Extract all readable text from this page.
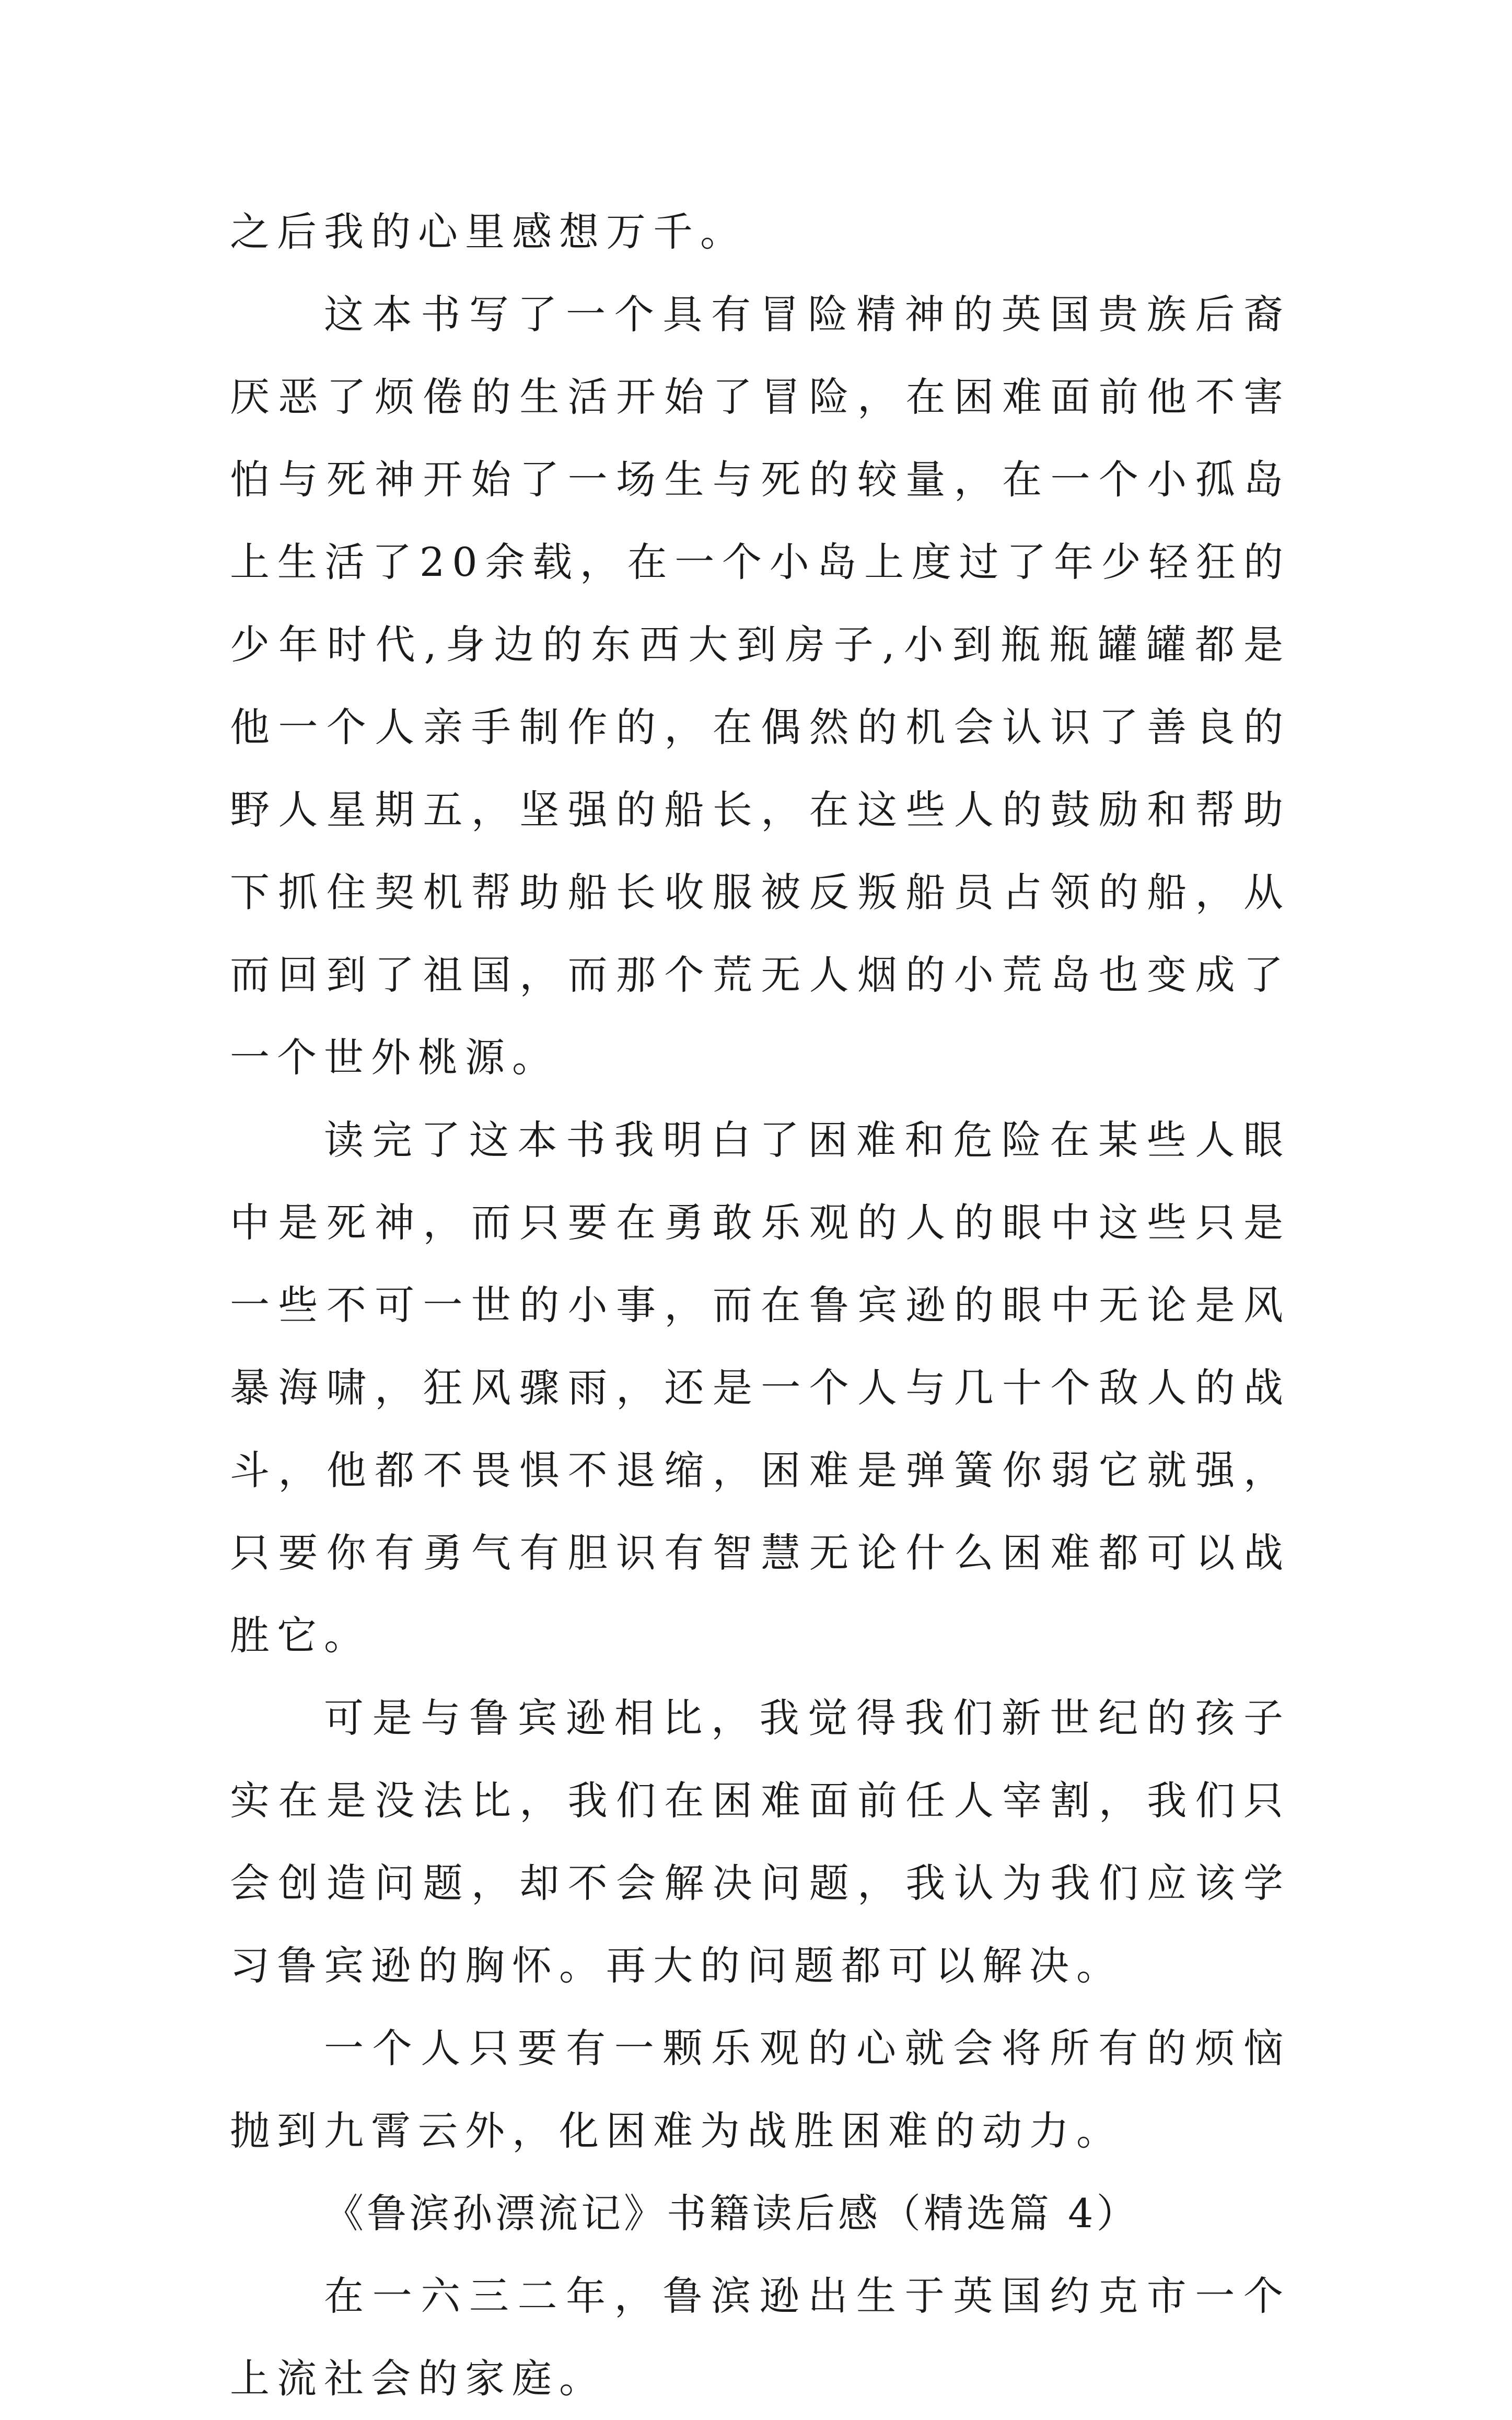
之后我的心里感想万千。

这本书写了一个具有冒险精神的英国贵族后裔厌恶了烦倦的生活开始了冒险，在困难面前他不害怕与死神开始了一场生与死的较量，在一个小孤岛上生活了20余载，在一个小岛上度过了年少轻狂的少年时代,身边的东西大到房子,小到瓶瓶罐罐都是他一个人亲手制作的，在偶然的机会认识了善良的野人星期五，坚强的船长，在这些人的鼓励和帮助下抓住契机帮助船长收服被反叛船员占领的船，从而回到了祖国，而那个荒无人烟的小荒岛也变成了一个世外桃源。

读完了这本书我明白了困难和危险在某些人眼中是死神，而只要在勇敢乐观的人的眼中这些只是一些不可一世的小事，而在鲁宾逊的眼中无论是风暴海啸，狂风骤雨，还是一个人与几十个敌人的战斗，他都不畏惧不退缩，困难是弹簧你弱它就强，只要你有勇气有胆识有智慧无论什么困难都可以战胜它。

可是与鲁宾逊相比，我觉得我们新世纪的孩子实在是没法比，我们在困难面前任人宰割，我们只会创造问题，却不会解决问题，我认为我们应该学习鲁宾逊的胸怀。再大的问题都可以解决。

一个人只要有一颗乐观的心就会将所有的烦恼抛到九霄云外，化困难为战胜困难的动力。

《鲁滨孙漂流记》书籍读后感（精选篇 4）

在一六三二年，鲁滨逊出生于英国约克市一个上流社会的家庭。
